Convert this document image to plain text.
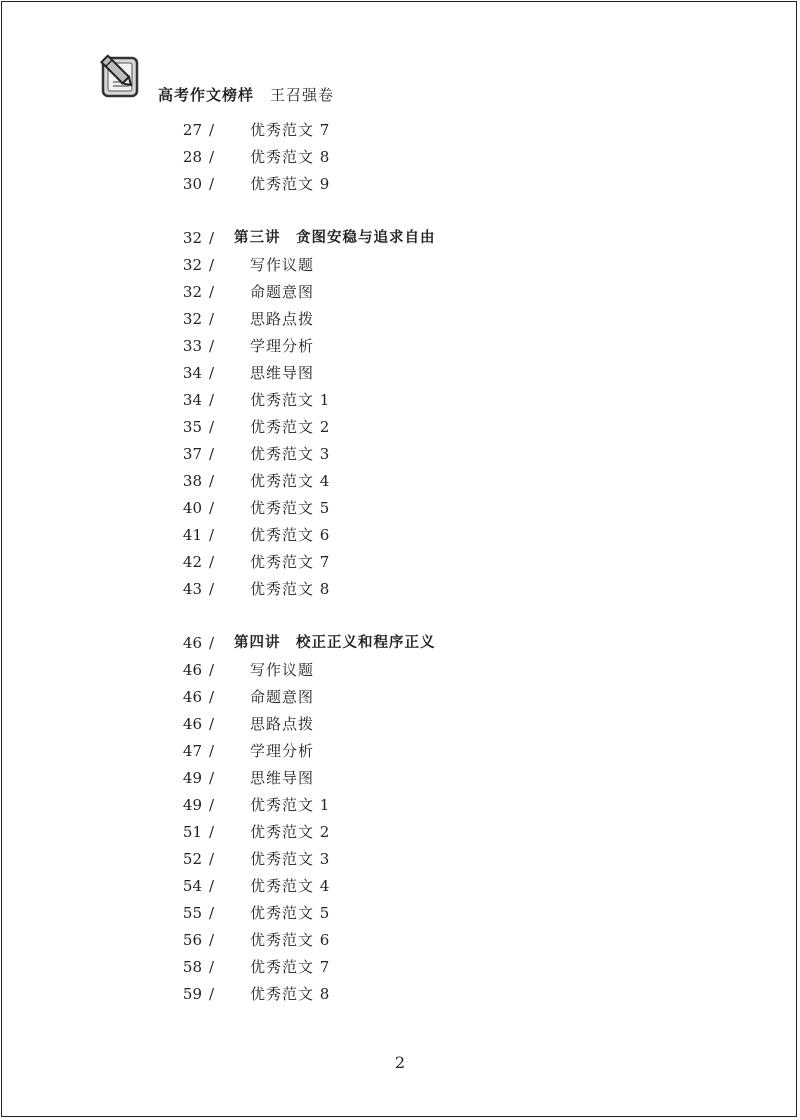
高考作文榜样 王召强卷
27 / 优秀范文 7
28 / 优秀范文 8
30 / 优秀范文 9
32 / 第三讲　贪图安稳与追求自由
32 / 写作议题
32 / 命题意图
32 / 思路点拨
33 / 学理分析
34 / 思维导图
34 / 优秀范文 1
35 / 优秀范文 2
37 / 优秀范文 3
38 / 优秀范文 4
40 / 优秀范文 5
41 / 优秀范文 6
42 / 优秀范文 7
43 / 优秀范文 8
46 / 第四讲　校正正义和程序正义
46 / 写作议题
46 / 命题意图
46 / 思路点拨
47 / 学理分析
49 / 思维导图
49 / 优秀范文 1
51 / 优秀范文 2
52 / 优秀范文 3
54 / 优秀范文 4
55 / 优秀范文 5
56 / 优秀范文 6
58 / 优秀范文 7
59 / 优秀范文 8
2
